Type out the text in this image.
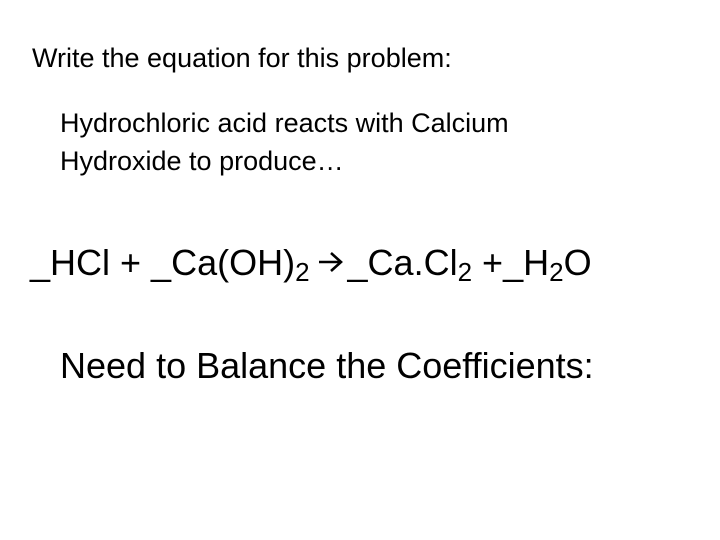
Write the equation for this problem:
Hydrochloric acid reacts with Calcium
Hydroxide to produce…
_HCl + $\_Ca(OH)_2$ $\_Ca.Cl_2$ $+\_H_2O$
Need to Balance the Coefficients:
